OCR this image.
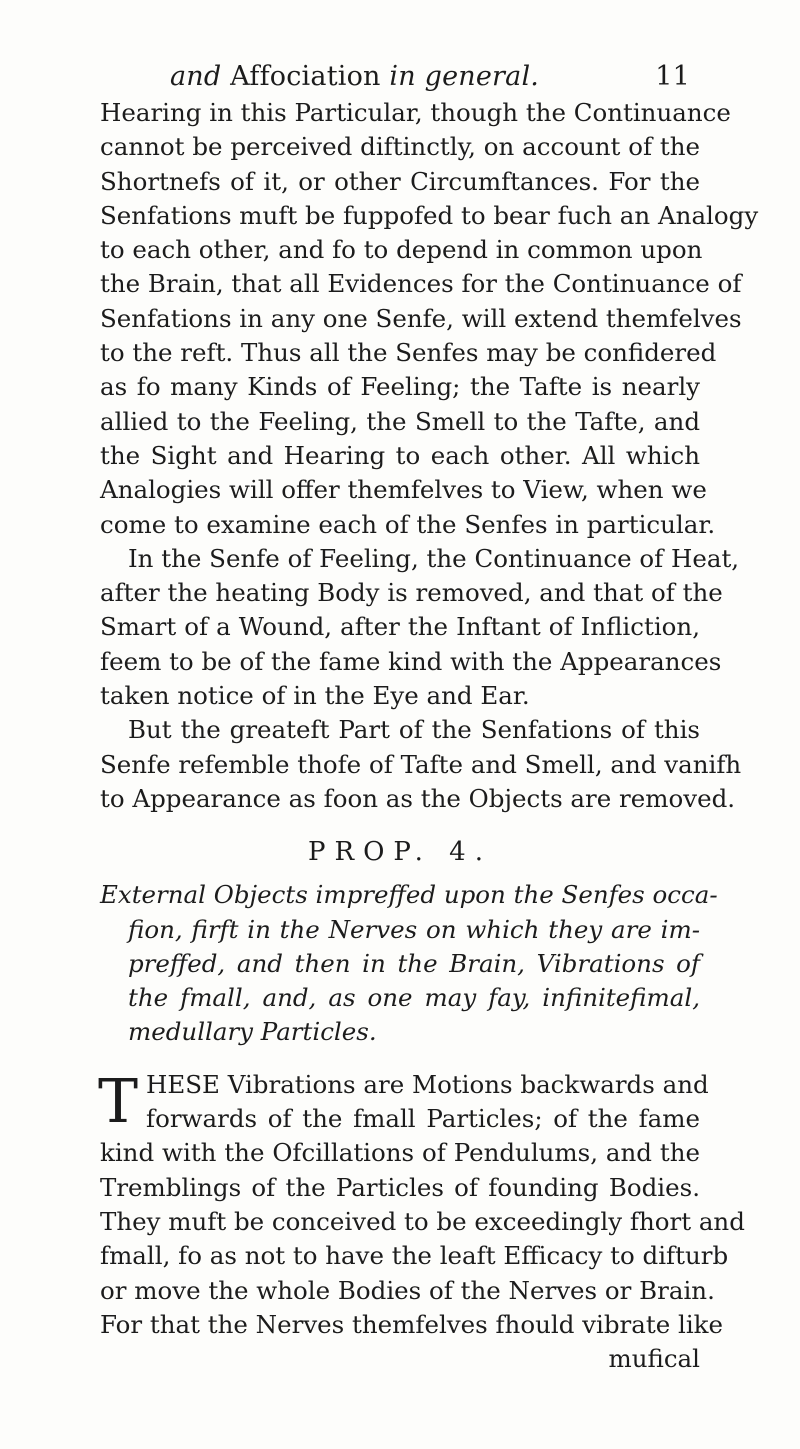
and Affociation in general.	11
Hearing in this Particular, though the Continuance
cannot be perceived diftinctly, on account of the
Shortnefs of it, or other Circumftances. For the
Senfations muft be fuppofed to bear fuch an Analogy
to each other, and fo to depend in common upon
the Brain, that all Evidences for the Continuance of
Senfations in any one Senfe, will extend themfelves
to the reft. Thus all the Senfes may be confidered
as fo many Kinds of Feeling; the Tafte is nearly
allied to the Feeling, the Smell to the Tafte, and
the Sight and Hearing to each other. All which
Analogies will offer themfelves to View, when we
come to examine each of the Senfes in particular.
In the Senfe of Feeling, the Continuance of Heat,
after the heating Body is removed, and that of the
Smart of a Wound, after the Inftant of Infliction,
feem to be of the fame kind with the Appearances
taken notice of in the Eye and Ear.
But the greateft Part of the Senfations of this
Senfe refemble thofe of Tafte and Smell, and vanifh
to Appearance as foon as the Objects are removed.
PROP. 4.
External Objects impreffed upon the Senfes occa-
fion, firft in the Nerves on which they are im-
preffed, and then in the Brain, Vibrations of
the fmall, and, as one may fay, infinitefimal,
medullary Particles.
T HESE Vibrations are Motions backwards and
forwards of the fmall Particles; of the fame
kind with the Ofcillations of Pendulums, and the
Tremblings of the Particles of founding Bodies.
They muft be conceived to be exceedingly fhort and
fmall, fo as not to have the leaft Efficacy to difturb
or move the whole Bodies of the Nerves or Brain.
For that the Nerves themfelves fhould vibrate like
mufical
